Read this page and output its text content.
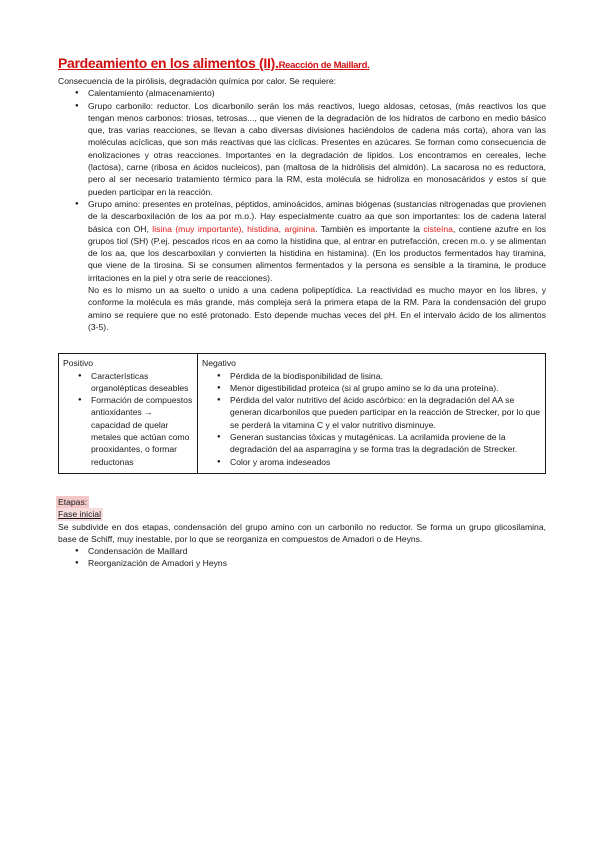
Pardeamiento en los alimentos (II).Reacción de Maillard.

Consecuencia de la pirólisis, degradación química por calor. Se requiere:

● Calentamiento (almacenamiento)
● Grupo carbonilo: reductor. Los dicarbonilo serán los más reactivos, luego aldosas, cetosas, (más reactivos los que tengan menos carbonos: triosas, tetrosas..., que vienen de la degradación de los hidratos de carbono en medio básico que, tras varias reacciones, se llevan a cabo diversas divisiones haciéndolos de cadena más corta), ahora van las moléculas acíclicas, que son más reactivas que las cíclicas. Presentes en azúcares. Se forman como consecuencia de enolizaciones y otras reacciones. Importantes en la degradación de lípidos. Los encontramos en cereales, leche (lactosa), carne (ribosa en ácidos nucleicos), pan (maltosa de la hidrólisis del almidón). La sacarosa no es reductora, pero al ser necesario tratamiento térmico para la RM, esta molécula se hidroliza en monosacáridos y estos sí que pueden participar en la reacción.
● Grupo amino: presentes en proteínas, péptidos, aminoácidos, aminas biógenas (sustancias nitrogenadas que provienen de la descarboxilación de los aa por m.o.). Hay especialmente cuatro aa que son importantes: los de cadena lateral básica con OH, lisina (muy importante), histidina, arginina. También es importante la cisteína, contiene azufre en los grupos tiol (SH) (P.ej. pescados ricos en aa como la histidina que, al entrar en putrefacción, crecen m.o. y se alimentan de los aa, que los descarboxilan y convierten la histidina en histamina). (En los productos fermentados hay tiramina, que viene de la tirosina. Si se consumen alimentos fermentados y la persona es sensible a la tiramina, le produce irritaciones en la piel y otra serie de reacciones).

No es lo mismo un aa suelto o unido a una cadena polipeptídica. La reactividad es mucho mayor en los libres, y conforme la molécula es más grande, más compleja será la primera etapa de la RM. Para la condensación del grupo amino se requiere que no esté protonado. Esto depende muchas veces del pH. En el intervalo ácido de los alimentos (3-5).

Positivo
● Características organolépticas deseables
● Formación de compuestos antioxidantes → capacidad de quelar metales que actúan como prooxidantes, o formar reductonas

Negativo
● Pérdida de la biodisponibilidad de lisina.
● Menor digestibilidad proteica (si al grupo amino se lo da una proteína).
● Pérdida del valor nutritivo del ácido ascórbico: en la degradación del AA se generan dicarbonilos que pueden participar en la reacción de Strecker, por lo que se perderá la vitamina C y el valor nutritivo disminuye.
● Generan sustancias tóxicas y mutagénicas. La acrilamida proviene de la degradación del aa asparragina y se forma tras la degradación de Strecker.
● Color y aroma indeseados

Etapas:

Fase inicial

Se subdivide en dos etapas, condensación del grupo amino con un carbonilo no reductor. Se forma un grupo glicosilamina, base de Schiff, muy inestable, por lo que se reorganiza en compuestos de Amadori o de Heyns.

● Condensación de Maillard
● Reorganización de Amadori y Heyns
